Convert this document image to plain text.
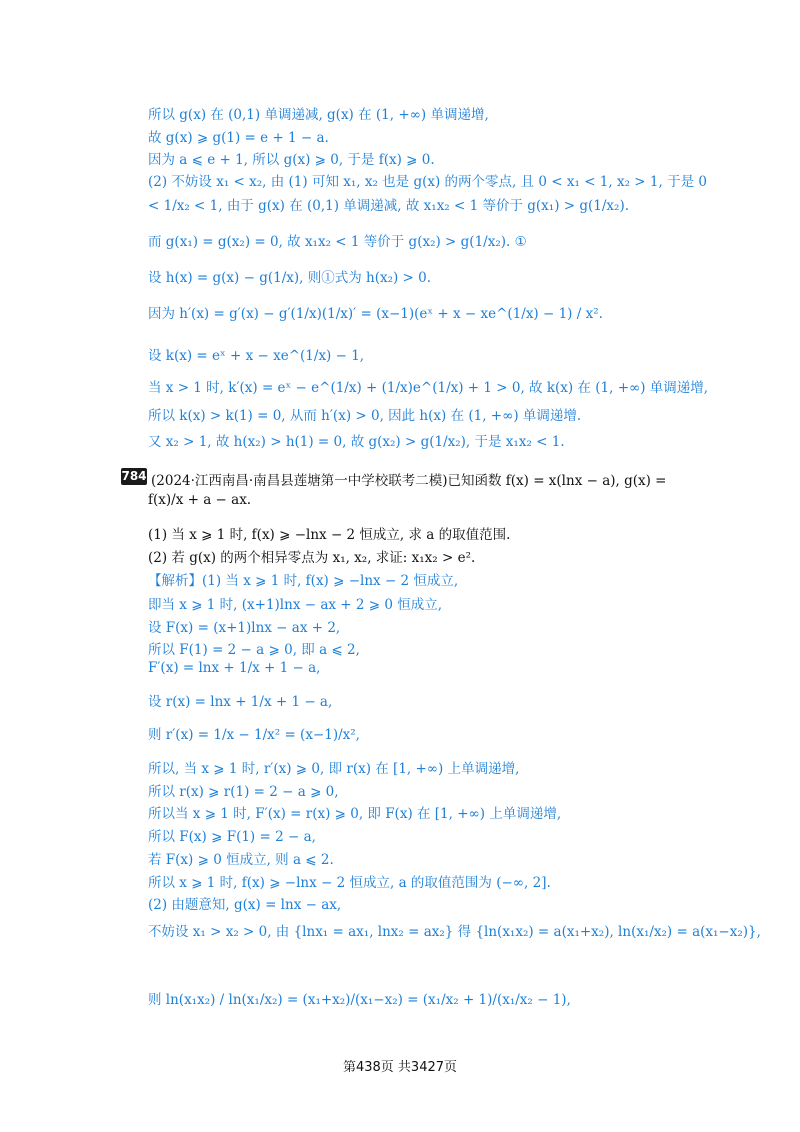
所以 g(x) 在 (0,1) 单调递减, g(x) 在 (1, +∞) 单调递增,
故 g(x) ⩾ g(1) = e + 1 − a.
因为 a ⩽ e + 1, 所以 g(x) ⩾ 0, 于是 f(x) ⩾ 0.
(2) 不妨设 x₁ < x₂, 由 (1) 可知 x₁, x₂ 也是 g(x) 的两个零点, 且 0 < x₁ < 1, x₂ > 1, 于是 0
< 1/x₂ < 1, 由于 g(x) 在 (0,1) 单调递减, 故 x₁x₂ < 1 等价于 g(x₁) > g(1/x₂).
而 g(x₁) = g(x₂) = 0, 故 x₁x₂ < 1 等价于 g(x₂) > g(1/x₂). ①
设 h(x) = g(x) − g(1/x), 则①式为 h(x₂) > 0.
因为 h′(x) = g′(x) − g′(1/x)(1/x)′ = (x−1)(eˣ + x − xe^(1/x) − 1) / x².
设 k(x) = eˣ + x − xe^(1/x) − 1,
当 x > 1 时, k′(x) = eˣ − e^(1/x) + (1/x)e^(1/x) + 1 > 0, 故 k(x) 在 (1, +∞) 单调递增,
所以 k(x) > k(1) = 0, 从而 h′(x) > 0, 因此 h(x) 在 (1, +∞) 单调递增.
又 x₂ > 1, 故 h(x₂) > h(1) = 0, 故 g(x₂) > g(1/x₂), 于是 x₁x₂ < 1.
(2024·江西南昌·南昌县莲塘第一中学校联考二模)已知函数 f(x) = x(lnx − a), g(x) =
f(x)/x + a − ax.
(1) 当 x ⩾ 1 时, f(x) ⩾ −lnx − 2 恒成立, 求 a 的取值范围.
(2) 若 g(x) 的两个相异零点为 x₁, x₂, 求证: x₁x₂ > e².
【解析】(1) 当 x ⩾ 1 时, f(x) ⩾ −lnx − 2 恒成立,
即当 x ⩾ 1 时, (x+1)lnx − ax + 2 ⩾ 0 恒成立,
设 F(x) = (x+1)lnx − ax + 2,
所以 F(1) = 2 − a ⩾ 0, 即 a ⩽ 2,
F′(x) = lnx + 1/x + 1 − a,
设 r(x) = lnx + 1/x + 1 − a,
则 r′(x) = 1/x − 1/x² = (x−1)/x²,
所以, 当 x ⩾ 1 时, r′(x) ⩾ 0, 即 r(x) 在 [1, +∞) 上单调递增,
所以 r(x) ⩾ r(1) = 2 − a ⩾ 0,
所以当 x ⩾ 1 时, F′(x) = r(x) ⩾ 0, 即 F(x) 在 [1, +∞) 上单调递增,
所以 F(x) ⩾ F(1) = 2 − a,
若 F(x) ⩾ 0 恒成立, 则 a ⩽ 2.
所以 x ⩾ 1 时, f(x) ⩾ −lnx − 2 恒成立, a 的取值范围为 (−∞, 2].
(2) 由题意知, g(x) = lnx − ax,
不妨设 x₁ > x₂ > 0, 由 {lnx₁ = ax₁, lnx₂ = ax₂} 得 {ln(x₁x₂) = a(x₁+x₂), ln(x₁/x₂) = a(x₁−x₂)},
则 ln(x₁x₂) / ln(x₁/x₂) = (x₁+x₂)/(x₁−x₂) = (x₁/x₂ + 1)/(x₁/x₂ − 1),
784
第438页 共3427页
